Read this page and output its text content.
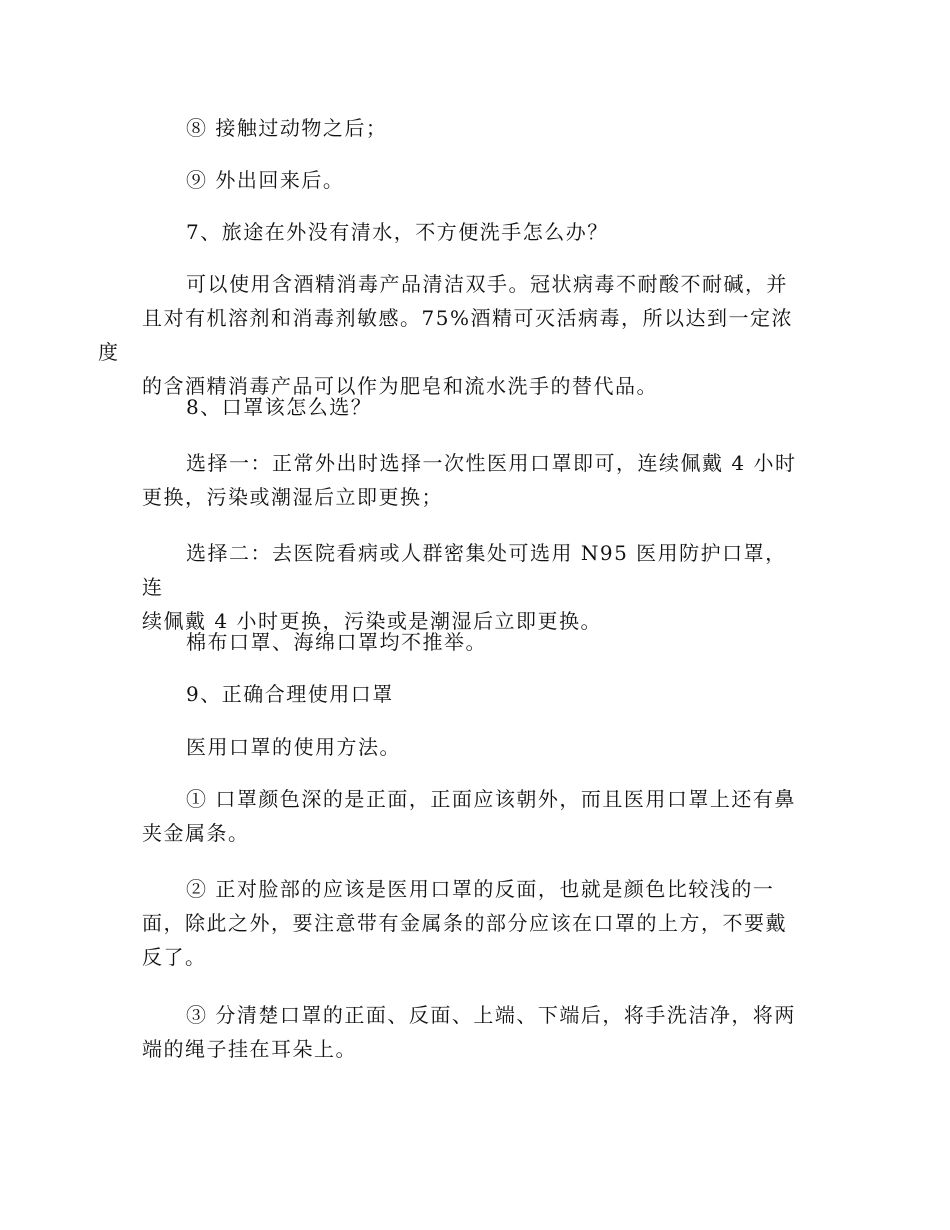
⑧ 接触过动物之后；

⑨ 外出回来后。

7、旅途在外没有清水，不方便洗手怎么办？

可以使用含酒精消毒产品清洁双手。冠状病毒不耐酸不耐碱，并
且对有机溶剂和消毒剂敏感。75%酒精可灭活病毒，所以达到一定浓度
的含酒精消毒产品可以作为肥皂和流水洗手的替代品。

8、口罩该怎么选？

选择一：正常外出时选择一次性医用口罩即可，连续佩戴 4 小时
更换，污染或潮湿后立即更换；

选择二：去医院看病或人群密集处可选用 N95 医用防护口罩，连
续佩戴 4 小时更换，污染或是潮湿后立即更换。

棉布口罩、海绵口罩均不推举。

9、正确合理使用口罩

医用口罩的使用方法。

① 口罩颜色深的是正面，正面应该朝外，而且医用口罩上还有鼻
夹金属条。

② 正对脸部的应该是医用口罩的反面，也就是颜色比较浅的一
面，除此之外，要注意带有金属条的部分应该在口罩的上方，不要戴
反了。

③ 分清楚口罩的正面、反面、上端、下端后，将手洗洁净，将两
端的绳子挂在耳朵上。
